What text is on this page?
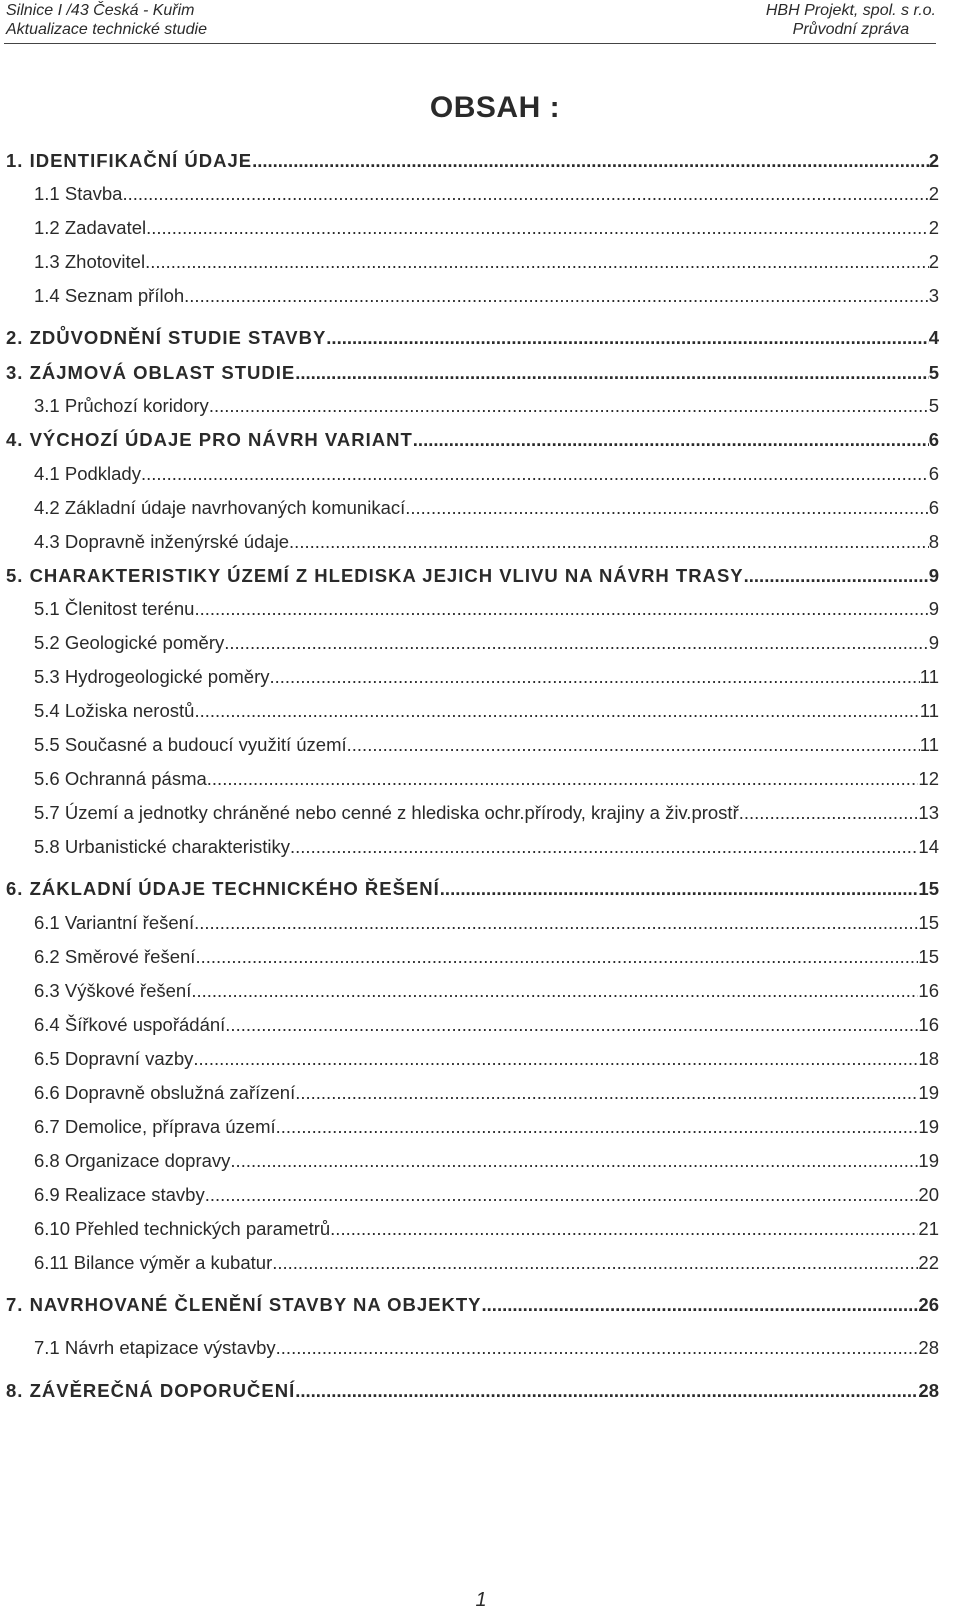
Silnice I /43 Česká - Kuřim
Aktualizace technické studie
HBH Projekt, spol. s r.o.
Průvodní zpráva
OBSAH :
1. IDENTIFIKAČNÍ ÚDAJE .....	2
1.1 Stavba .....	2
1.2 Zadavatel .....	2
1.3 Zhotovitel .....	2
1.4 Seznam příloh .....	3
2. ZDŮVODNĚNÍ STUDIE STAVBY .....	4
3. ZÁJMOVÁ OBLAST STUDIE .....	5
3.1 Průchozí koridory .....	5
4. VÝCHOZÍ ÚDAJE PRO NÁVRH VARIANT .....	6
4.1 Podklady .....	6
4.2 Základní údaje navrhovaných komunikací .....	6
4.3 Dopravně inženýrské údaje .....	8
5. CHARAKTERISTIKY ÚZEMÍ Z HLEDISKA JEJICH VLIVU NA NÁVRH TRASY .....	9
5.1 Členitost terénu .....	9
5.2 Geologické poměry .....	9
5.3 Hydrogeologické poměry .....	11
5.4 Ložiska nerostů .....	11
5.5 Současné a budoucí využití území .....	11
5.6 Ochranná pásma .....	12
5.7 Území a jednotky chráněné nebo cenné z hlediska ochr.přírody, krajiny a živ.prostř. .....	13
5.8 Urbanistické charakteristiky .....	14
6. ZÁKLADNÍ ÚDAJE TECHNICKÉHO ŘEŠENÍ .....	15
6.1 Variantní řešení .....	15
6.2 Směrové řešení .....	15
6.3 Výškové řešení .....	16
6.4 Šířkové uspořádání .....	16
6.5 Dopravní vazby .....	18
6.6 Dopravně obslužná zařízení .....	19
6.7 Demolice, příprava území .....	19
6.8 Organizace dopravy .....	19
6.9 Realizace stavby .....	20
6.10 Přehled technických parametrů .....	21
6.11 Bilance výměr a kubatur .....	22
7. NAVRHOVANÉ ČLENĚNÍ STAVBY NA OBJEKTY .....	26
7.1 Návrh etapizace výstavby .....	28
8. ZÁVĚREČNÁ DOPORUČENÍ .....	28
1
